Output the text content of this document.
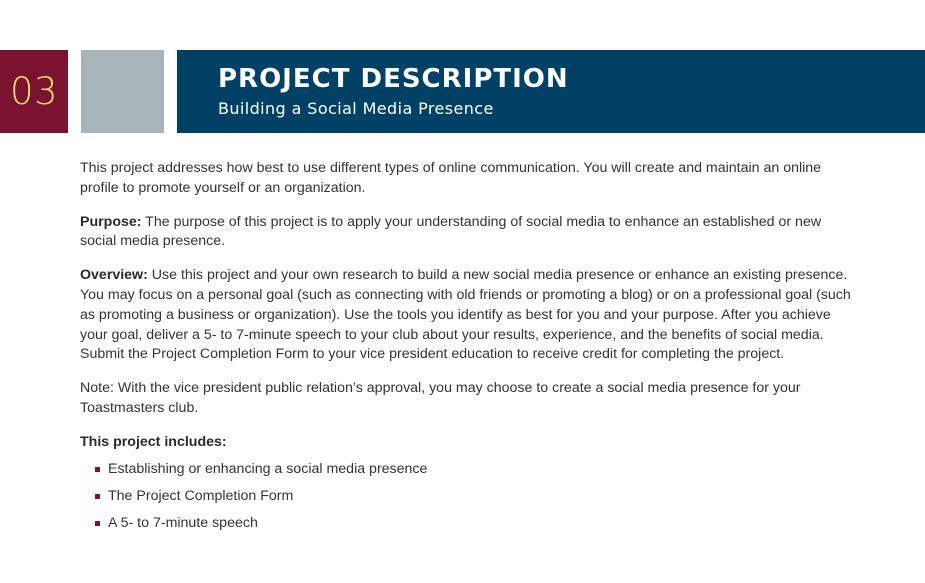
03	PROJECT DESCRIPTION
Building a Social Media Presence

This project addresses how best to use different types of online communication. You will create and maintain an online profile to promote yourself or an organization.

Purpose: The purpose of this project is to apply your understanding of social media to enhance an established or new social media presence.

Overview: Use this project and your own research to build a new social media presence or enhance an existing presence. You may focus on a personal goal (such as connecting with old friends or promoting a blog) or on a professional goal (such as promoting a business or organization). Use the tools you identify as best for you and your purpose. After you achieve your goal, deliver a 5- to 7-minute speech to your club about your results, experience, and the benefits of social media. Submit the Project Completion Form to your vice president education to receive credit for completing the project.

Note: With the vice president public relation’s approval, you may choose to create a social media presence for your Toastmasters club.

This project includes:
Establishing or enhancing a social media presence
The Project Completion Form
A 5- to 7-minute speech
